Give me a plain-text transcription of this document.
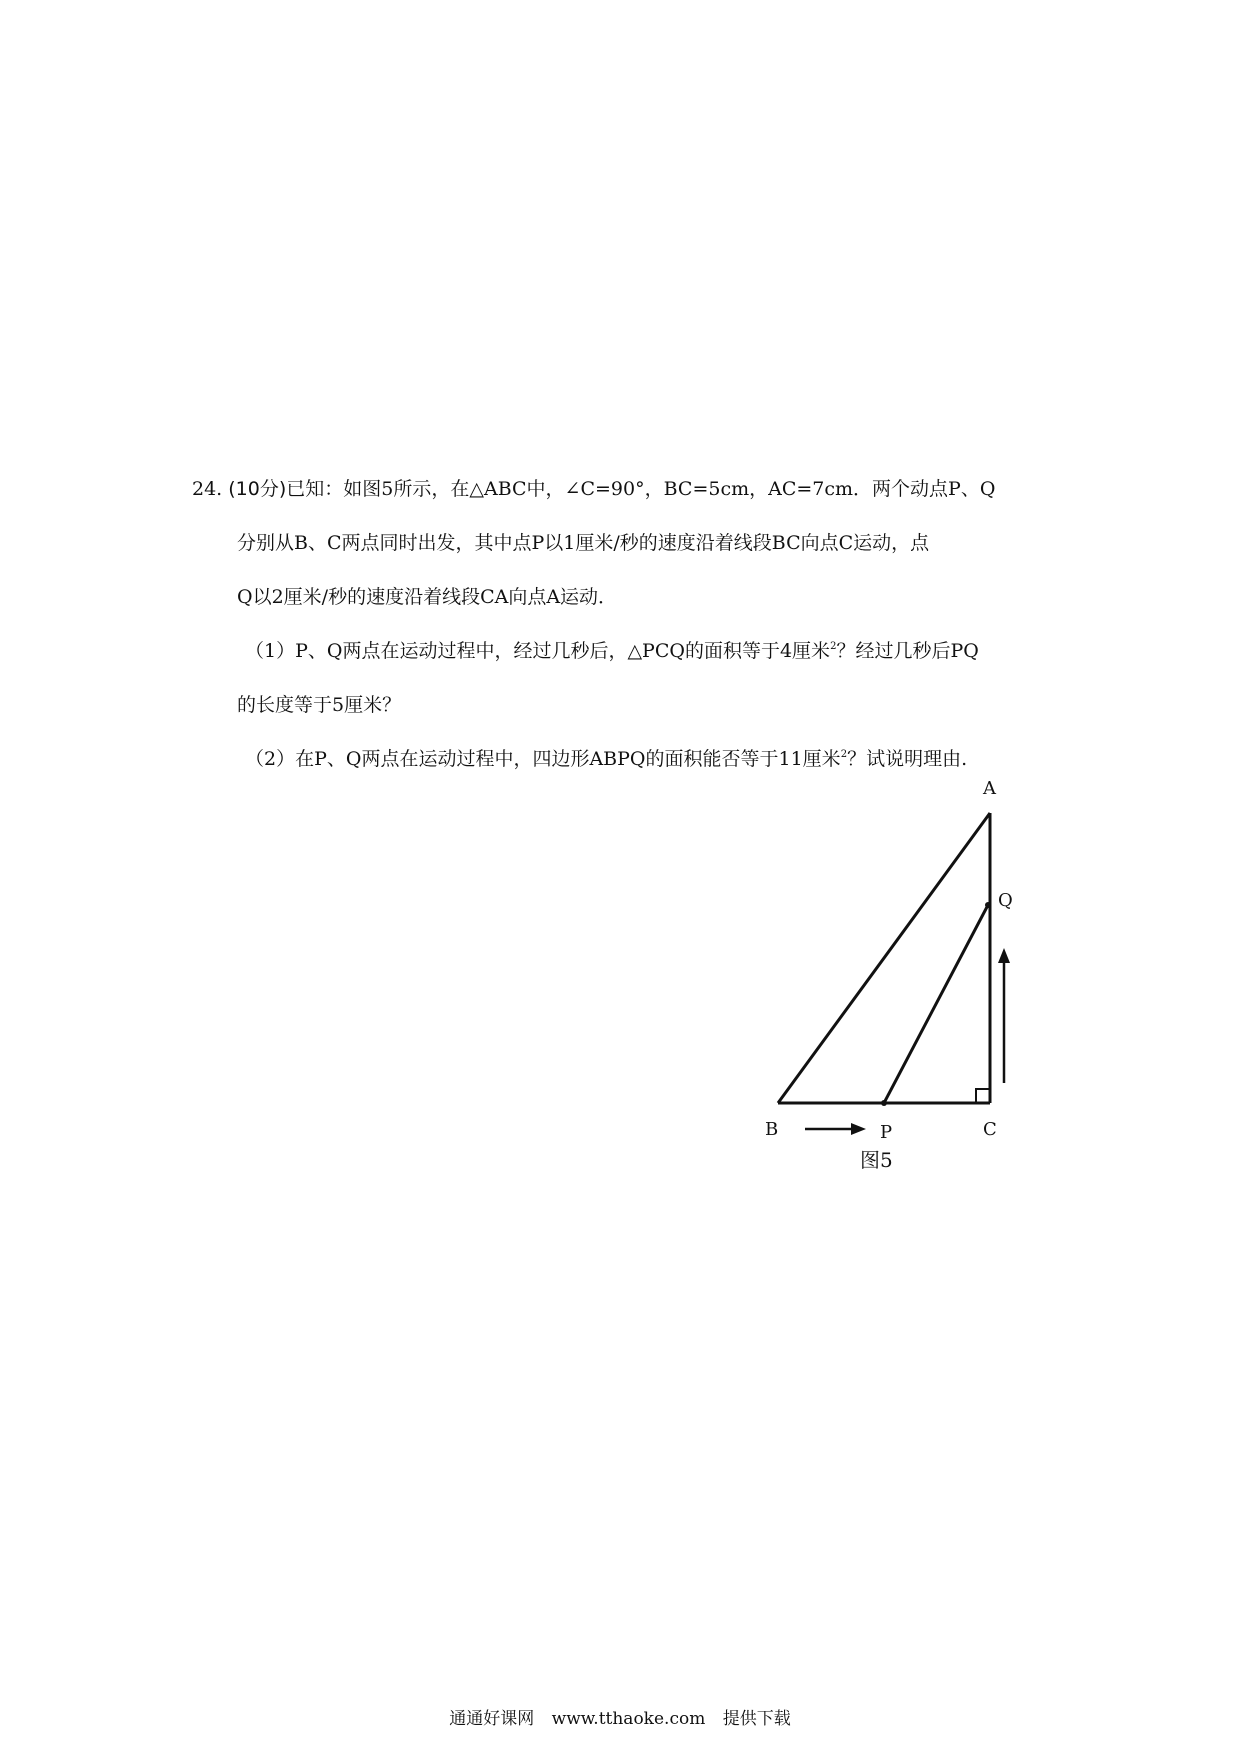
24. (10分)已知：如图5所示，在△ABC中，∠C=90°，BC=5cm，AC=7cm．两个动点P、Q

分别从B、C两点同时出发，其中点P以1厘米/秒的速度沿着线段BC向点C运动，点

Q以2厘米/秒的速度沿着线段CA向点A运动．

（1）P、Q两点在运动过程中，经过几秒后，△PCQ的面积等于4厘米$^2$？经过几秒后PQ

的长度等于5厘米？

（2）在P、Q两点在运动过程中，四边形ABPQ的面积能否等于11厘米$^2$？试说明理由.

A
Q
B	P	C
图5
通通好课网 www.tthaoke.com 提供下载
